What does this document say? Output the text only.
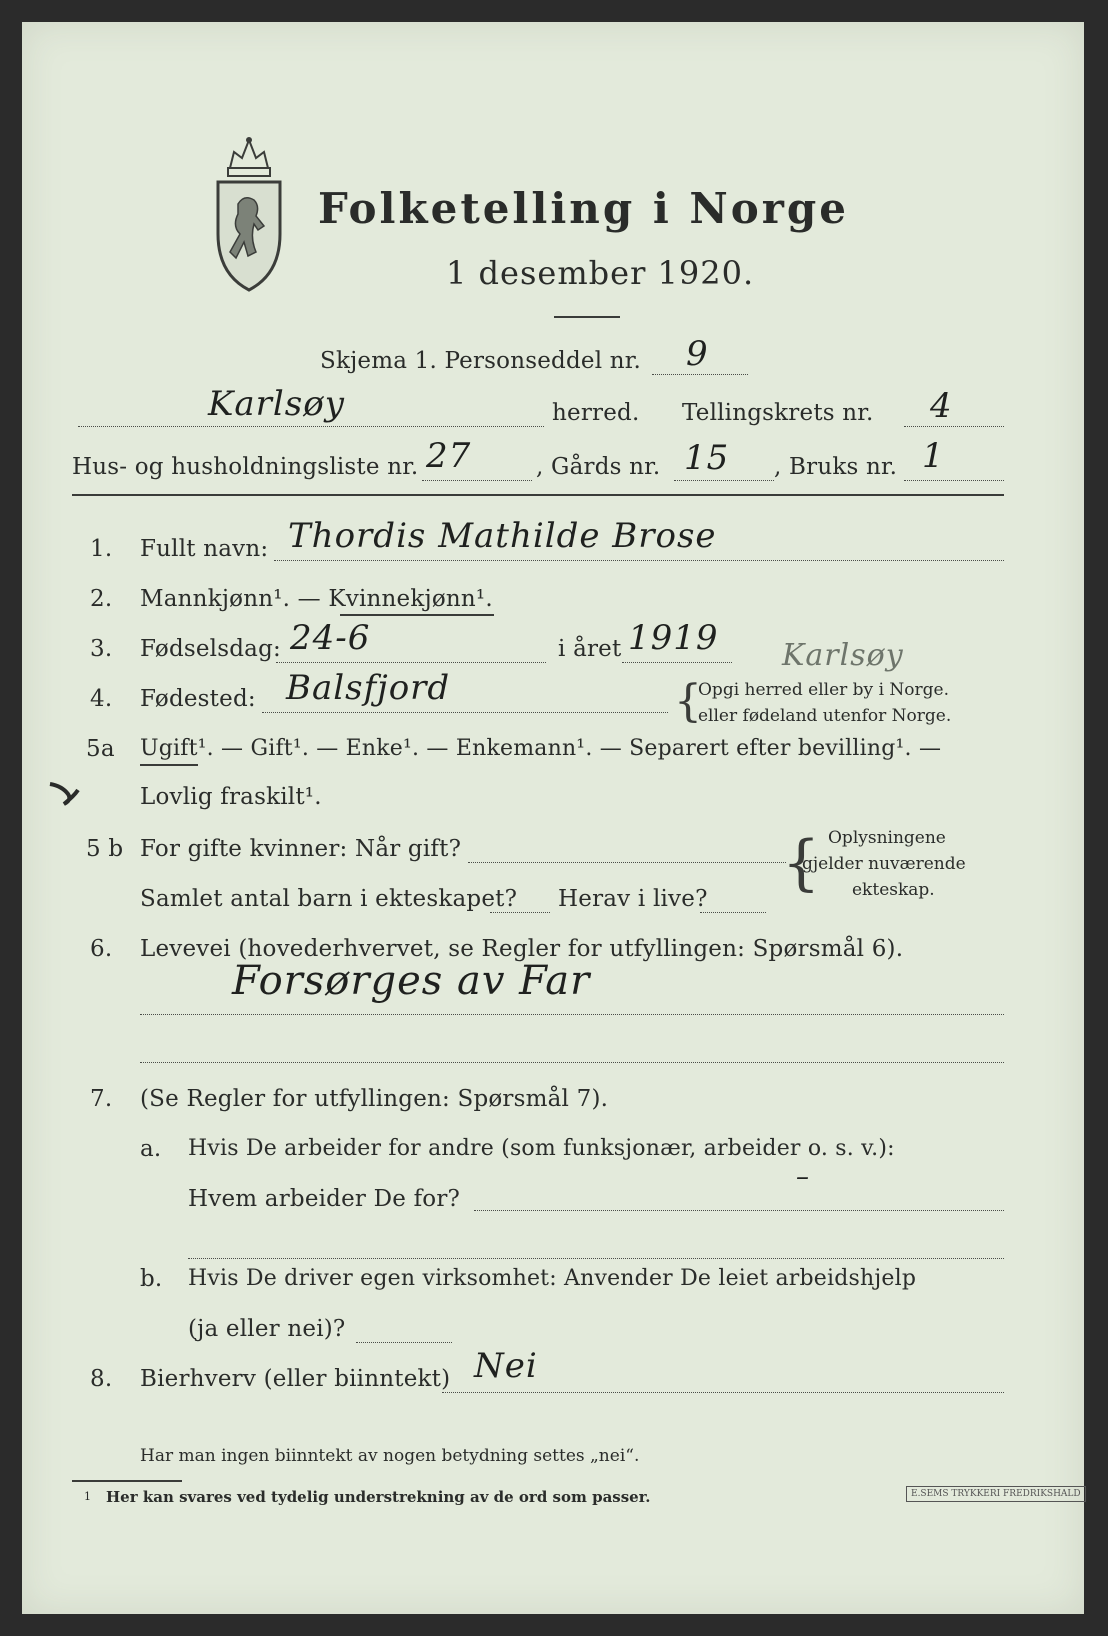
Folketelling i Norge
1 desember 1920.
Skjema 1. Personseddel nr. 9
Karlsøy	herred. Tellingskrets nr. 4
Hus- og husholdningsliste nr. 27	, Gårds nr. 15 , Bruks nr. 1
1.	Fullt navn: Thordis Mathilde Brose
2.	Mannkjønn¹. — Kvinnekjønn¹.
3.	Fødselsdag: 24-6	i året 1919
4.	Fødested: Balsfjord
Karlsøy
{
Opgi herred eller by i Norge.
eller fødeland utenfor Norge.
5a	Ugift¹. — Gift¹. — Enke¹. — Enkemann¹. — Separert efter bevilling¹. —
Lovlig fraskilt¹.
5 b For gifte kvinner: Når gift?
Samlet antal barn i ekteskapet? Herav i live?
{ Oplysningene
gjelder nuværende
ekteskap.
6.	Levevei (hovederhvervet, se Regler for utfyllingen: Spørsmål 6).
Forsørges av Far
7.	(Se Regler for utfyllingen: Spørsmål 7).
a. Hvis De arbeider for andre (som funksjonær, arbeider o. s. v.):
Hvem arbeider De for?
–
b. Hvis De driver egen virksomhet: Anvender De leiet arbeidshjelp
(ja eller nei)?
8.	Bierhverv (eller biinntekt) Nei
Har man ingen biinntekt av nogen betydning settes „nei“.
1 Her kan svares ved tydelig understrekning av de ord som passer.	E.SEMS TRYKKERI FREDRIKSHALD
